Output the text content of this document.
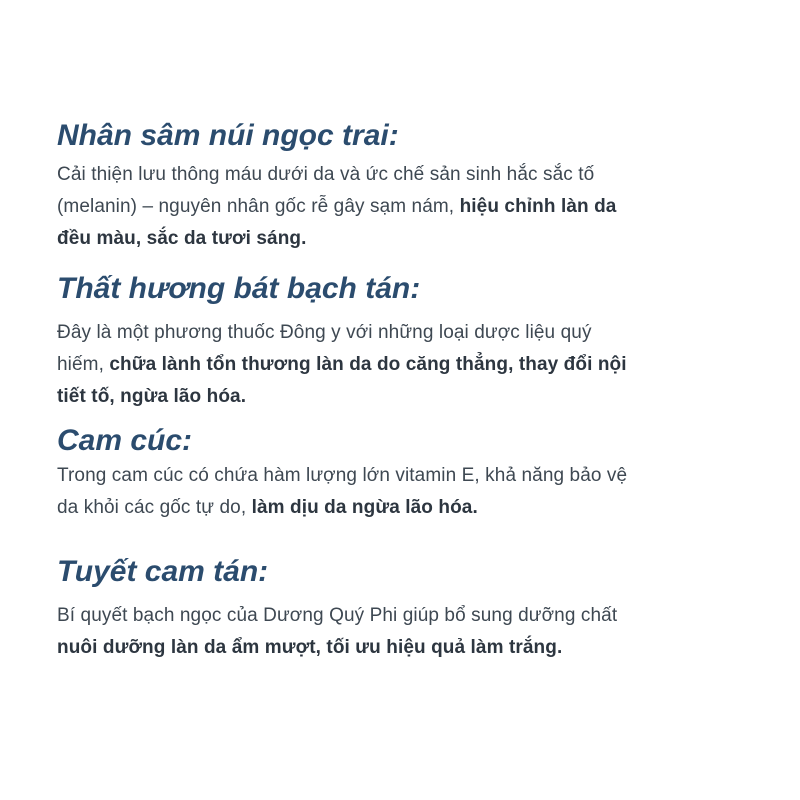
Nhân sâm núi ngọc trai:

Cải thiện lưu thông máu dưới da và ức chế sản sinh hắc sắc tố
(melanin) – nguyên nhân gốc rễ gây sạm nám, hiệu chỉnh làn da
đều màu, sắc da tươi sáng.

Thất hương bát bạch tán:

Đây là một phương thuốc Đông y với những loại dược liệu quý
hiếm, chữa lành tổn thương làn da do căng thẳng, thay đổi nội
tiết tố, ngừa lão hóa.

Cam cúc:

Trong cam cúc có chứa hàm lượng lớn vitamin E, khả năng bảo vệ
da khỏi các gốc tự do, làm dịu da ngừa lão hóa.

Tuyết cam tán:

Bí quyết bạch ngọc của Dương Quý Phi giúp bổ sung dưỡng chất
nuôi dưỡng làn da ẩm mượt, tối ưu hiệu quả làm trắng.
